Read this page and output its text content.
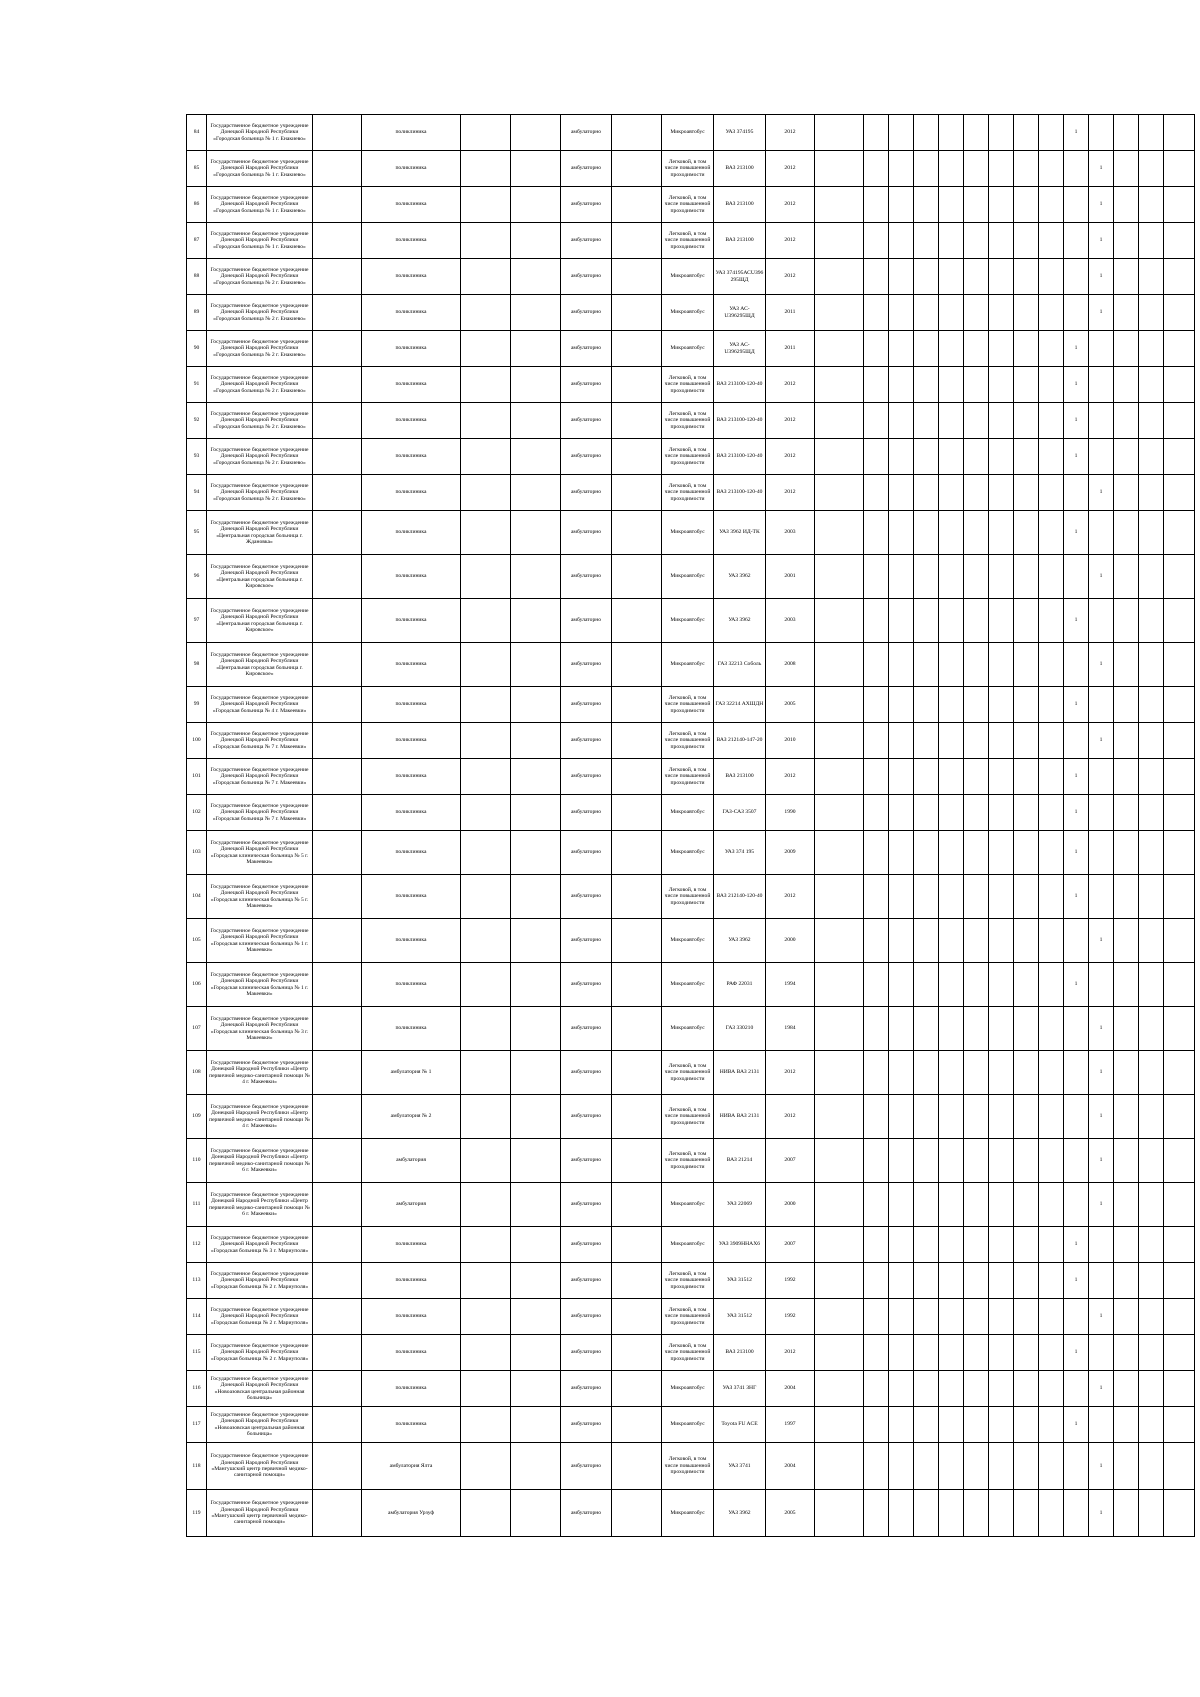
84	Государственное бюджетное учреждение Донецкой Народной Республики «Городская больница № 1 г. Енакиево»		поликлиника			амбулаторно		Микроавтобус	УАЗ 374195	2012										1				
85	Государственное бюджетное учреждение Донецкой Народной Республики «Городская больница № 1 г. Енакиево»		поликлиника			амбулаторно		Легковой, в том числе повышенной проходимости	ВАЗ 213100	2012											1			
86	Государственное бюджетное учреждение Донецкой Народной Республики «Городская больница № 1 г. Енакиево»		поликлиника			амбулаторно		Легковой, в том числе повышенной проходимости	ВАЗ 213100	2012											1			
87	Государственное бюджетное учреждение Донецкой Народной Республики «Городская больница № 1 г. Енакиево»		поликлиника			амбулаторно		Легковой, в том числе повышенной проходимости	ВАЗ 213100	2012											1			
88	Государственное бюджетное учреждение Донецкой Народной Республики «Городская больница № 2 г. Енакиево»		поликлиника			амбулаторно		Микроавтобус	УАЗ 374195АСUЗ96 295ЩД	2012											1			
89	Государственное бюджетное учреждение Донецкой Народной Республики «Городская больница № 2 г. Енакиево»		поликлиника			амбулаторно		Микроавтобус	УАЗ АС-U396295ЩД	2011											1			
90	Государственное бюджетное учреждение Донецкой Народной Республики «Городская больница № 2 г. Енакиево»		поликлиника			амбулаторно		Микроавтобус	УАЗ АС-U396295ЩД	2011										1				
91	Государственное бюджетное учреждение Донецкой Народной Республики «Городская больница № 2 г. Енакиево»		поликлиника			амбулаторно		Легковой, в том числе повышенной проходимости	ВАЗ 213100-120-40	2012										1				
92	Государственное бюджетное учреждение Донецкой Народной Республики «Городская больница № 2 г. Енакиево»		поликлиника			амбулаторно		Легковой, в том числе повышенной проходимости	ВАЗ 213100-120-40	2012										1				
93	Государственное бюджетное учреждение Донецкой Народной Республики «Городская больница № 2 г. Енакиево»		поликлиника			амбулаторно		Легковой, в том числе повышенной проходимости	ВАЗ 213100-120-40	2012										1				
94	Государственное бюджетное учреждение Донецкой Народной Республики «Городская больница № 2 г. Енакиево»		поликлиника			амбулаторно		Легковой, в том числе повышенной проходимости	ВАЗ 213100-120-40	2012											1			
95	Государственное бюджетное учреждение Донецкой Народной Республики «Центральная городская больница г. Ждановка»		поликлиника			амбулаторно		Микроавтобус	УАЗ 3962 ИД-ТК	2003										1				
96	Государственное бюджетное учреждение Донецкой Народной Республики «Центральная городская больница г. Кировское»		поликлиника			амбулаторно		Микроавтобус	УАЗ 3962	2001											1			
97	Государственное бюджетное учреждение Донецкой Народной Республики «Центральная городская больница г. Кировское»		поликлиника			амбулаторно		Микроавтобус	УАЗ 3962	2003										1				
98	Государственное бюджетное учреждение Донецкой Народной Республики «Центральная городская больница г. Кировское»		поликлиника			амбулаторно		Микроавтобус	ГАЗ 32213 Соболь	2008											1			
99	Государственное бюджетное учреждение Донецкой Народной Республики «Городская больница № 4 г. Макеевки»		поликлиника			амбулаторно		Легковой, в том числе повышенной проходимости	ГАЗ 32214 АХШДН	2005										1				
100	Государственное бюджетное учреждение Донецкой Народной Республики «Городская больница № 7 г. Макеевки»		поликлиника			амбулаторно		Легковой, в том числе повышенной проходимости	ВАЗ 212140-147-20	2010											1			
101	Государственное бюджетное учреждение Донецкой Народной Республики «Городская больница № 7 г. Макеевки»		поликлиника			амбулаторно		Легковой, в том числе повышенной проходимости	ВАЗ 213100	2012										1				
102	Государственное бюджетное учреждение Донецкой Народной Республики «Городская больница № 7 г. Макеевки»		поликлиника			амбулаторно		Микроавтобус	ГАЗ-САЗ 3507	1990										1				
103	Государственное бюджетное учреждение Донецкой Народной Республики «Городская клиническая больница № 5 г. Макеевки»		поликлиника			амбулаторно		Микроавтобус	УАЗ 374 195	2009										1				
104	Государственное бюджетное учреждение Донецкой Народной Республики «Городская клиническая больница № 5 г. Макеевки»		поликлиника			амбулаторно		Легковой, в том числе повышенной проходимости	ВАЗ 212140-120-40	2012										1				
105	Государственное бюджетное учреждение Донецкой Народной Республики «Городская клиническая больница № 1 г. Макеевки»		поликлиника			амбулаторно		Микроавтобус	УАЗ 3962	2000											1			
106	Государственное бюджетное учреждение Донецкой Народной Республики «Городская клиническая больница № 1 г. Макеевки»		поликлиника			амбулаторно		Микроавтобус	РАФ 22031	1994										1				
107	Государственное бюджетное учреждение Донецкой Народной Республики «Городская клиническая больница № 3 г. Макеевки»		поликлиника			амбулаторно		Микроавтобус	ГАЗ 330210	1984											1			
108	Государственное бюджетное учреждение Донецкой Народной Республики «Центр первичной медико-санитарной помощи № 4 г. Макеевки»		амбулатория № 1			амбулаторно		Легковой, в том числе повышенной проходимости	НИВА ВАЗ 2131	2012											1			
109	Государственное бюджетное учреждение Донецкой Народной Республики «Центр первичной медико-санитарной помощи № 4 г. Макеевки»		амбулатория № 2			амбулаторно		Легковой, в том числе повышенной проходимости	НИВА ВАЗ 2131	2012											1			
110	Государственное бюджетное учреждение Донецкой Народной Республики «Центр первичной медико-санитарной помощи № 6 г. Макеевки»		амбулатория			амбулаторно		Легковой, в том числе повышенной проходимости	ВАЗ 21214	2007											1			
111	Государственное бюджетное учреждение Донецкой Народной Республики «Центр первичной медико-санитарной помощи № 6 г. Макеевки»		амбулатория			амбулаторно		Микроавтобус	УАЗ 22069	2000											1			
112	Государственное бюджетное учреждение Донецкой Народной Республики «Городская больница № 3 г. Мариуполя»		поликлиника			амбулаторно		Микроавтобус	УАЗ 3909ННАХ6	2007										1				
113	Государственное бюджетное учреждение Донецкой Народной Республики «Городская больница № 2 г. Мариуполя»		поликлиника			амбулаторно		Легковой, в том числе повышенной проходимости	УАЗ 31512	1992										1				
114	Государственное бюджетное учреждение Донецкой Народной Республики «Городская больница № 2 г. Мариуполя»		поликлиника			амбулаторно		Легковой, в том числе повышенной проходимости	УАЗ 31512	1992											1			
115	Государственное бюджетное учреждение Донецкой Народной Республики «Городская больница № 2 г. Мариуполя»		поликлиника			амбулаторно		Легковой, в том числе повышенной проходимости	ВАЗ 213100	2012										1				
116	Государственное бюджетное учреждение Донецкой Народной Республики «Новоазовская центральная районная больница»		поликлиника			амбулаторно		Микроавтобус	УАЗ 3741 ЗНГ	2004											1			
117	Государственное бюджетное учреждение Донецкой Народной Республики «Новоазовская центральная районная больница»		поликлиника			амбулаторно		Микроавтобус	Toyota FU ACE	1997										1				
118	Государственное бюджетное учреждение Донецкой Народной Республики «Мангушский центр первичной медико-санитарной помощи»		амбулатория Ялта			амбулаторно		Легковой, в том числе повышенной проходимости	УАЗ 3741	2004											1			
119	Государственное бюджетное учреждение Донецкой Народной Республики «Мангушский центр первичной медико-санитарной помощи»		амбулатория Урзуф			амбулаторно		Микроавтобус	УАЗ 3962	2005											1			
